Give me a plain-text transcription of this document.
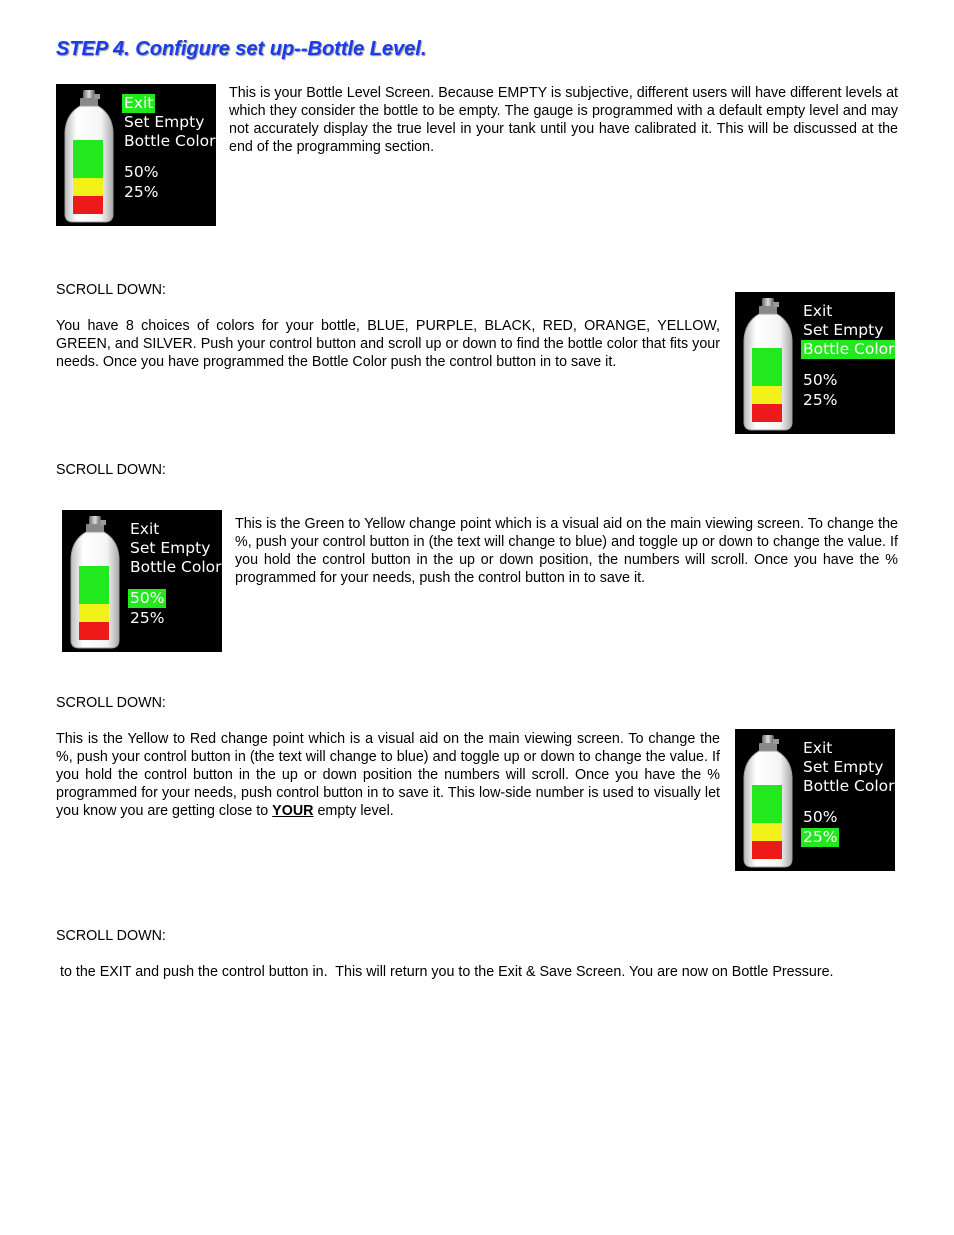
STEP 4. Configure set up--Bottle Level.
Exit
Set Empty
Bottle Color
50%
25%

This is your Bottle Level Screen. Because EMPTY is subjective, different users will have different levels at which they consider the bottle to be empty. The gauge is programmed with a default empty level and may not accurately display the true level in your tank until you have calibrated it. This will be discussed at the end of the programming section.

SCROLL DOWN:

You have 8 choices of colors for your bottle, BLUE, PURPLE, BLACK, RED, ORANGE, YELLOW, GREEN, and SILVER. Push your control button and scroll up or down to find the bottle color that fits your needs. Once you have programmed the Bottle Color push the control button in to save it.

Exit
Set Empty
Bottle Color
50%
25%

SCROLL DOWN:

Exit
Set Empty
Bottle Color
50%
25%

This is the Green to Yellow change point which is a visual aid on the main viewing screen. To change the %, push your control button in (the text will change to blue) and toggle up or down to change the value. If you hold the control button in the up or down position, the numbers will scroll. Once you have the % programmed for your needs, push the control button in to save it.

SCROLL DOWN:

This is the Yellow to Red change point which is a visual aid on the main viewing screen. To change the %, push your control button in (the text will change to blue) and toggle up or down to change the value. If you hold the control button in the up or down position the numbers will scroll. Once you have the % programmed for your needs, push control button in to save it. This low-side number is used to visually let you know you are getting close to YOUR empty level.

Exit
Set Empty
Bottle Color
50%
25%

SCROLL DOWN:

to the EXIT and push the control button in.  This will return you to the Exit & Save Screen. You are now on Bottle Pressure.
